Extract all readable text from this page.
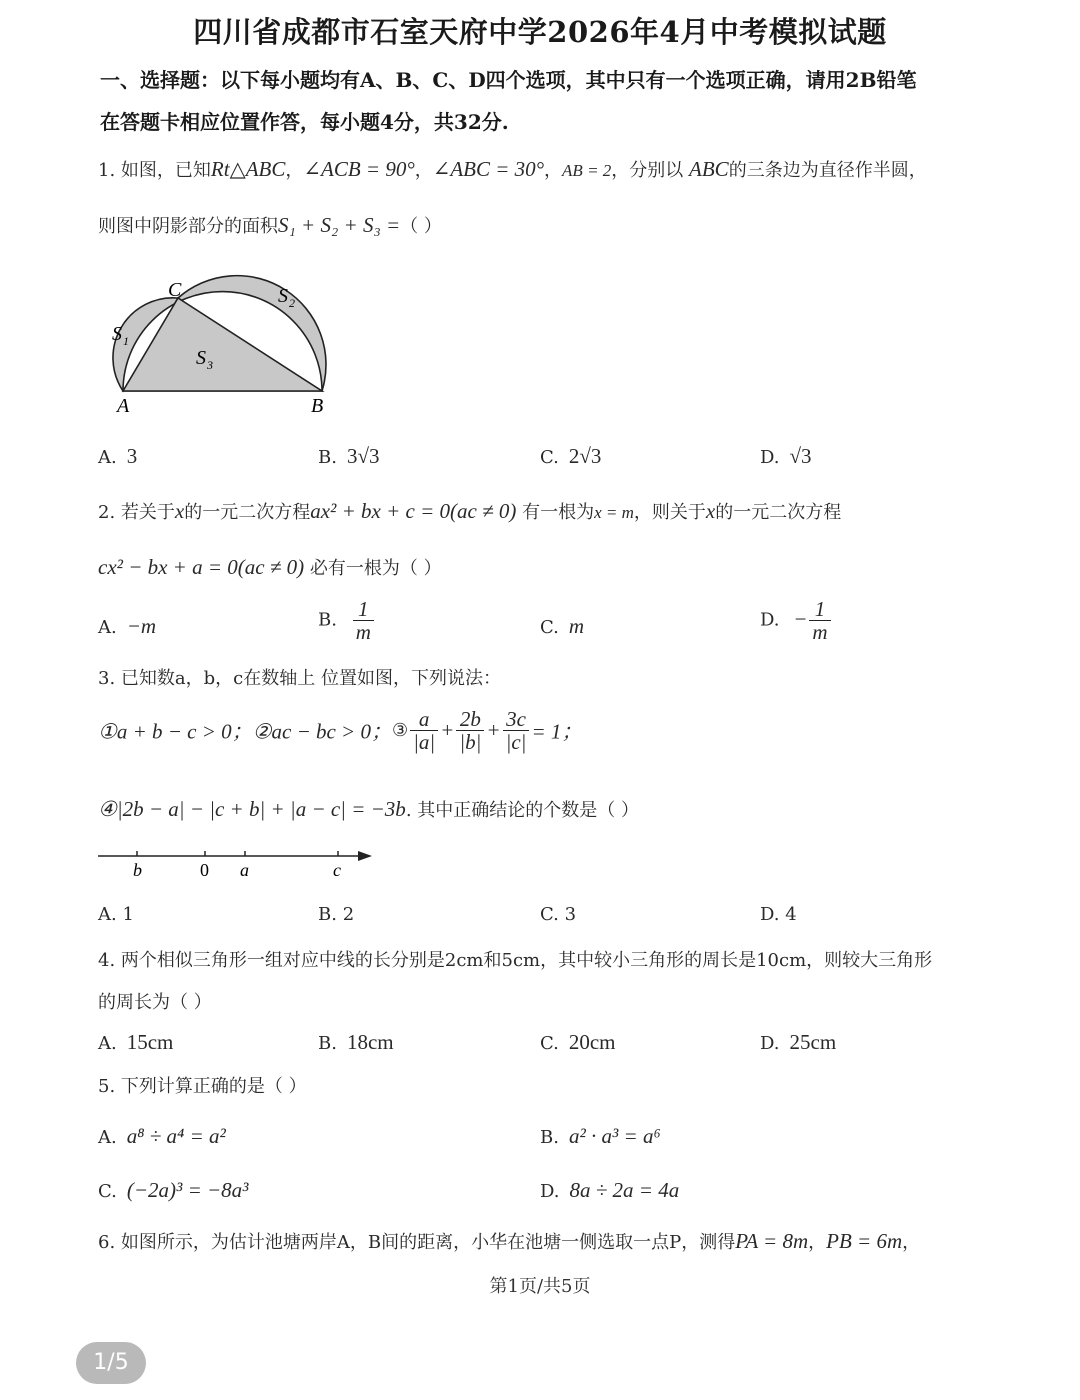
四川省成都市石室天府中学2026年4月中考模拟试题
一、选择题：以下每小题均有A、B、C、D四个选项，其中只有一个选项正确，请用2B铅笔
在答题卡相应位置作答，每小题4分，共32分.
1. 如图，已知Rt△ABC，∠ACB = 90°，∠ABC = 30°，AB = 2，分别以 ABC的三条边为直径作半圆，
则图中阴影部分的面积S₁ + S₂ + S₃ =（ ）
C
S 1
S 2
S 3
A	B
A. 3	B. 3√3	C. 2√3	D. √3
2. 若关于x的一元二次方程ax² + bx + c = 0(ac ≠ 0) 有一根为x = m，则关于x的一元二次方程
cx² − bx + a = 0(ac ≠ 0) 必有一根为（ ）
A. −m	B. $\frac{1}{m}$	C. m	D. − $\frac{1}{m}$
3. 已知数a，b，c在数轴上 位置如图，下列说法：
①a + b − c > 0；②ac − bc > 0；③ $\frac{a}{|a|} + \frac{2b}{|b|} + \frac{3c}{|c|} = 1$；
④|2b − a| − |c + b| + |a − c| = −3b. 其中正确结论的个数是（ ）
b	0 a	c
A. 1	B. 2	C. 3	D. 4
4. 两个相似三角形一组对应中线的长分别是2cm和5cm，其中较小三角形的周长是10cm，则较大三角形
的周长为（ ）
A. 15cm	B. 18cm	C. 20cm	D. 25cm
5. 下列计算正确的是（ ）
A. a⁸ ÷ a⁴ = a²	B. a² · a³ = a⁶
C. (−2a)³ = −8a³	D. 8a ÷ 2a = 4a
6. 如图所示，为估计池塘两岸A，B间的距离，小华在池塘一侧选取一点P，测得PA = 8m，PB = 6m，
第1页/共5页
1/5
